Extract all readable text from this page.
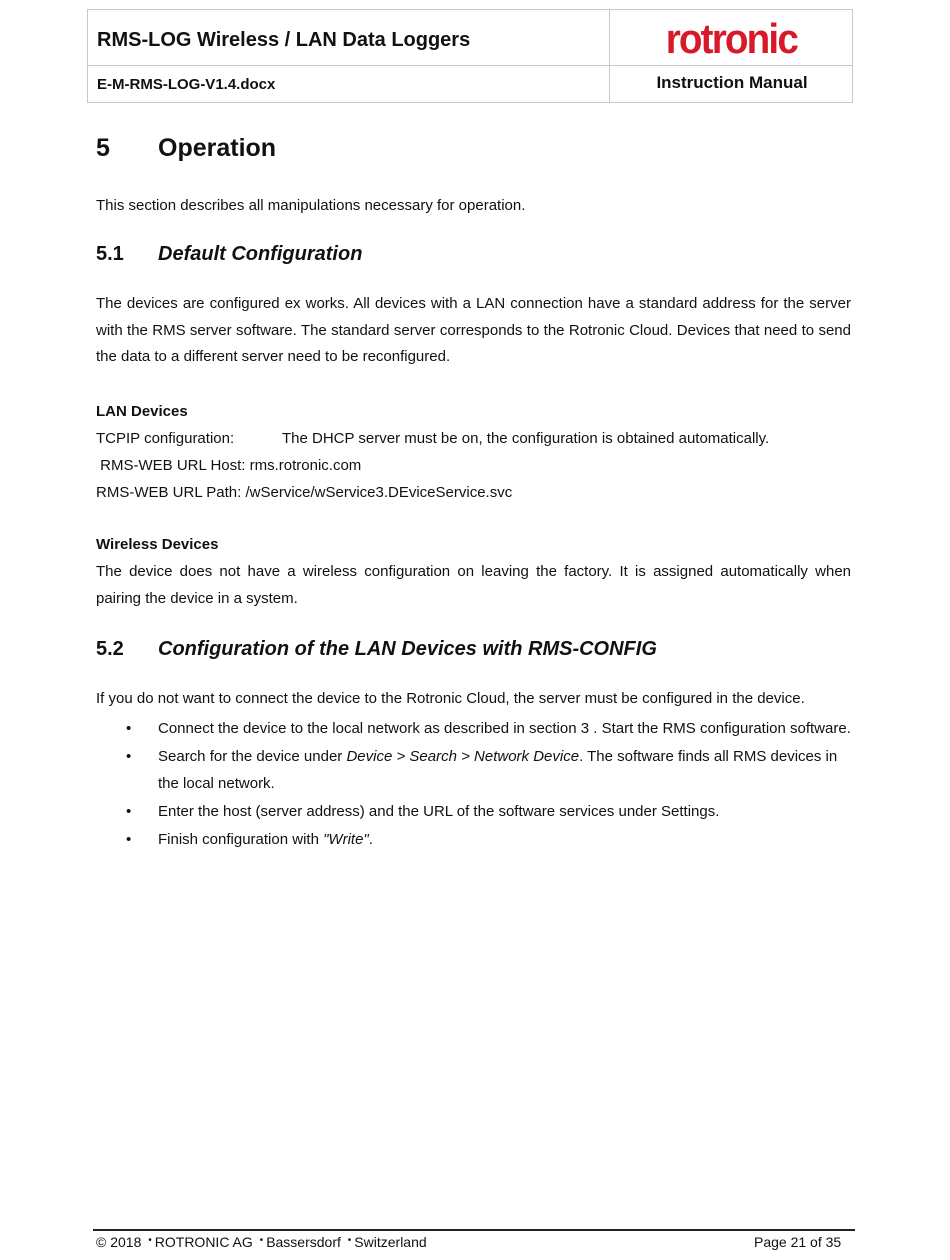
RMS-LOG Wireless / LAN Data Loggers
E-M-RMS-LOG-V1.4.docx	Instruction Manual
rotronic
5 Operation
This section describes all manipulations necessary for operation.
5.1 Default Configuration
The devices are configured ex works. All devices with a LAN connection have a standard address for the server with the RMS server software. The standard server corresponds to the Rotronic Cloud. Devices that need to send the data to a different server need to be reconfigured.
LAN Devices
TCPIP configuration:	The DHCP server must be on, the configuration is obtained automatically.
RMS-WEB URL Host: rms.rotronic.com
RMS-WEB URL Path: /wService/wService3.DEviceService.svc
Wireless Devices
The device does not have a wireless configuration on leaving the factory. It is assigned automatically when pairing the device in a system.
5.2 Configuration of the LAN Devices with RMS-CONFIG
If you do not want to connect the device to the Rotronic Cloud, the server must be configured in the device.
• Connect the device to the local network as described in section 3 . Start the RMS configuration software.
• Search for the device under Device > Search > Network Device. The software finds all RMS devices in the local network.
• Enter the host (server address) and the URL of the software services under Settings.
• Finish configuration with "Write".
© 2018 • ROTRONIC AG • Bassersdorf • Switzerland	Page 21 of 35
